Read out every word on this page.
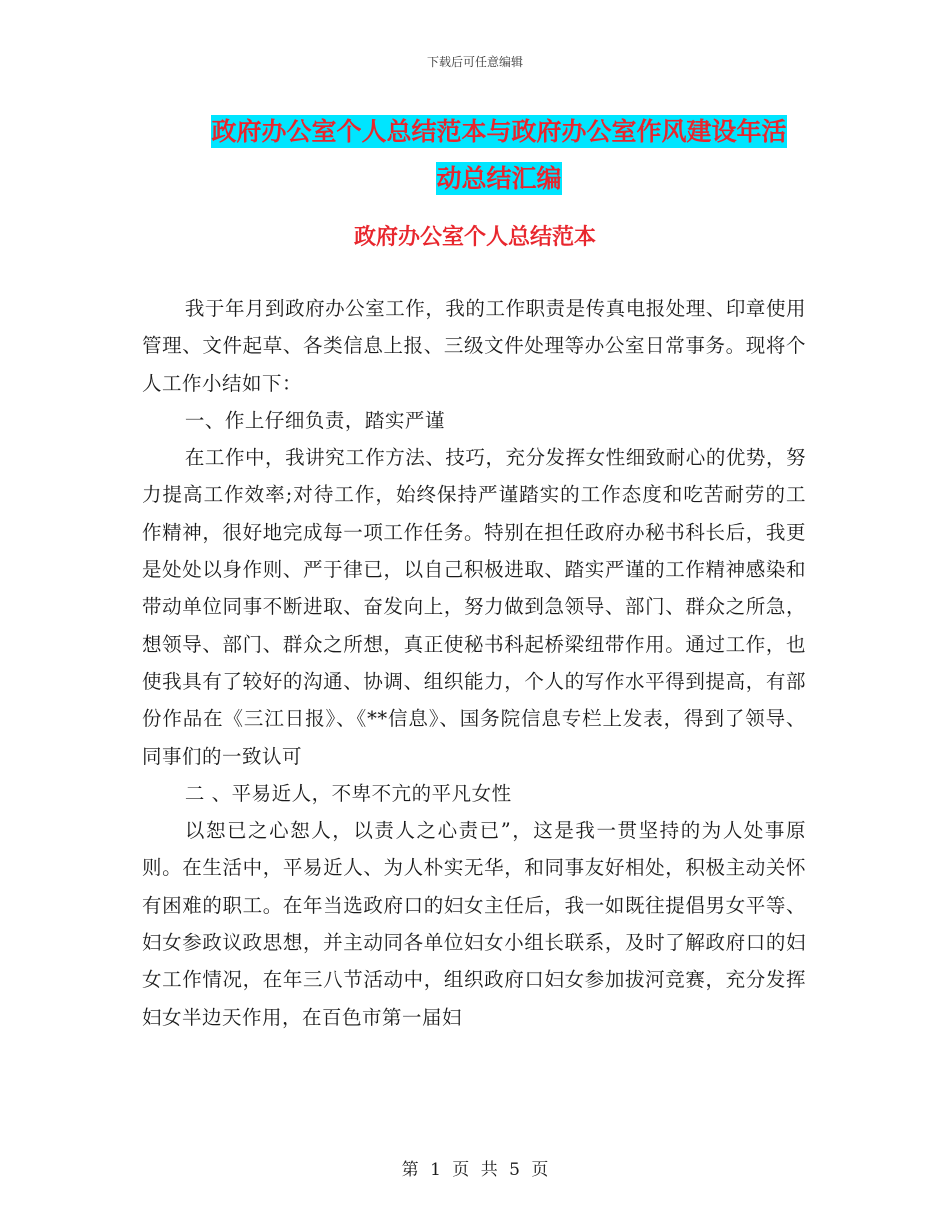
下载后可任意编辑
政府办公室个人总结范本与政府办公室作风建设年活
动总结汇编
政府办公室个人总结范本

我于年月到政府办公室工作，我的工作职责是传真电报处理、印章使用管理、文件起草、各类信息上报、三级文件处理等办公室日常事务。现将个人工作小结如下：

一、作上仔细负责，踏实严谨

在工作中，我讲究工作方法、技巧，充分发挥女性细致耐心的优势，努力提高工作效率;对待工作，始终保持严谨踏实的工作态度和吃苦耐劳的工作精神，很好地完成每一项工作任务。特别在担任政府办秘书科长后，我更是处处以身作则、严于律已，以自己积极进取、踏实严谨的工作精神感染和带动单位同事不断进取、奋发向上，努力做到急领导、部门、群众之所急，想领导、部门、群众之所想，真正使秘书科起桥梁纽带作用。通过工作，也使我具有了较好的沟通、协调、组织能力，个人的写作水平得到提高，有部份作品在《三江日报》、《**信息》、国务院信息专栏上发表，得到了领导、同事们的一致认可

二 、平易近人，不卑不亢的平凡女性

以恕已之心恕人，以责人之心责已”，这是我一贯坚持的为人处事原则。在生活中，平易近人、为人朴实无华，和同事友好相处，积极主动关怀有困难的职工。在年当选政府口的妇女主任后，我一如既往提倡男女平等、妇女参政议政思想，并主动同各单位妇女小组长联系，及时了解政府口的妇女工作情况，在年三八节活动中，组织政府口妇女参加拔河竞赛，充分发挥妇女半边天作用，在百色市第一届妇

第 1 页 共 5 页
